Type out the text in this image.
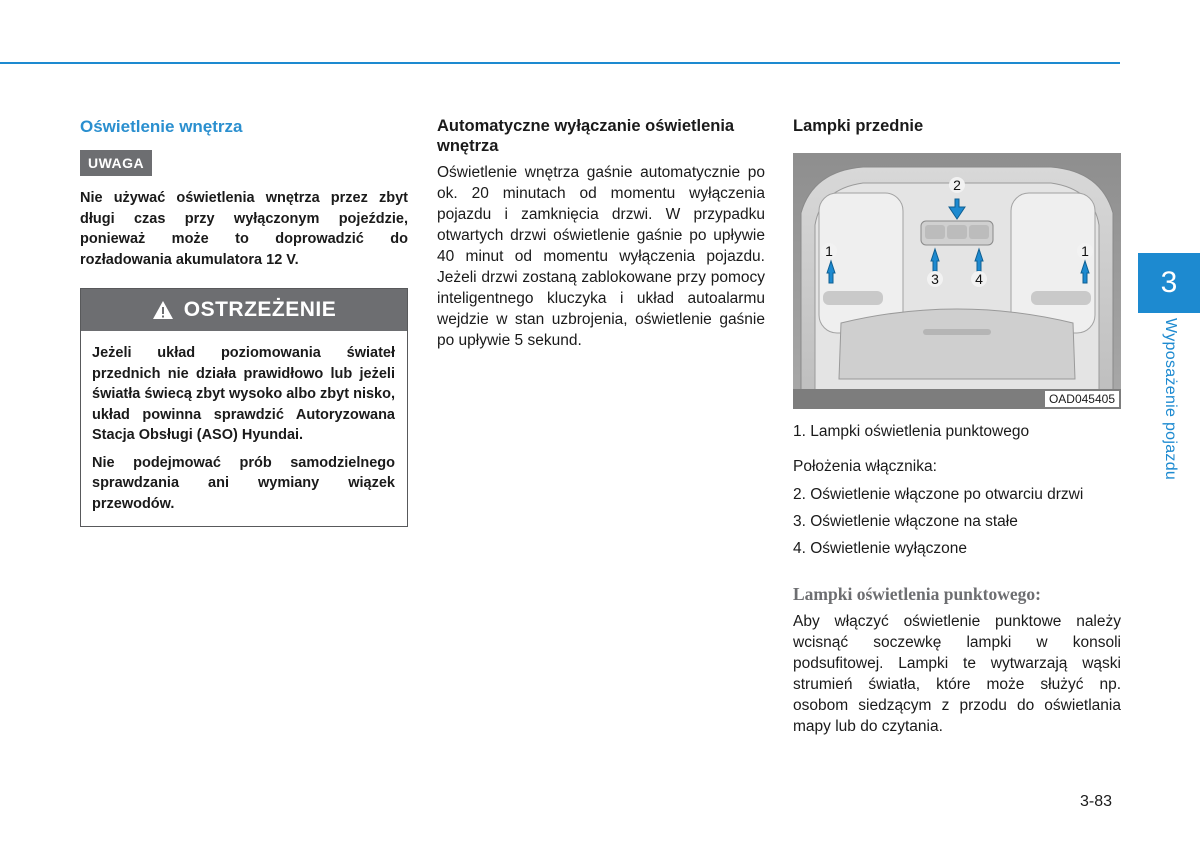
Oświetlenie wnętrza
UWAGA

Nie używać oświetlenia wnętrza przez zbyt długi czas przy wyłączonym pojeździe, ponieważ może to doprowadzić do rozładowania akumulatora 12 V.

OSTRZEŻENIE

Jeżeli układ poziomowania świateł przednich nie działa prawidłowo lub jeżeli światła świecą zbyt wysoko albo zbyt nisko, układ powinna sprawdzić Autoryzowana Stacja Obsługi (ASO) Hyundai.

Nie podejmować prób samodzielnego sprawdzania ani wymiany wiązek przewodów.

Automatyczne wyłączanie oświetlenia wnętrza

Oświetlenie wnętrza gaśnie automatycznie po ok. 20 minutach od momentu wyłączenia pojazdu i zamknięcia drzwi. W przypadku otwartych drzwi oświetlenie gaśnie po upływie 40 minut od momentu wyłączenia pojazdu. Jeżeli drzwi zostaną zablokowane przy pomocy inteligentnego kluczyka i układ autoalarmu wejdzie w stan uzbrojenia, oświetlenie gaśnie po upływie 5 sekund.

Lampki przednie
2
1	1
3	4
OAD045405

1. Lampki oświetlenia punktowego

Położenia włącznika:

2. Oświetlenie włączone po otwarciu drzwi
3. Oświetlenie włączone na stałe
4. Oświetlenie wyłączone
Lampki oświetlenia punktowego:

Aby włączyć oświetlenie punktowe należy wcisnąć soczewkę lampki w konsoli podsufitowej. Lampki te wytwarzają wąski strumień światła, które może służyć np. osobom siedzącym z przodu do oświetlania mapy lub do czytania.

3
Wyposażenie pojazdu
3-83
